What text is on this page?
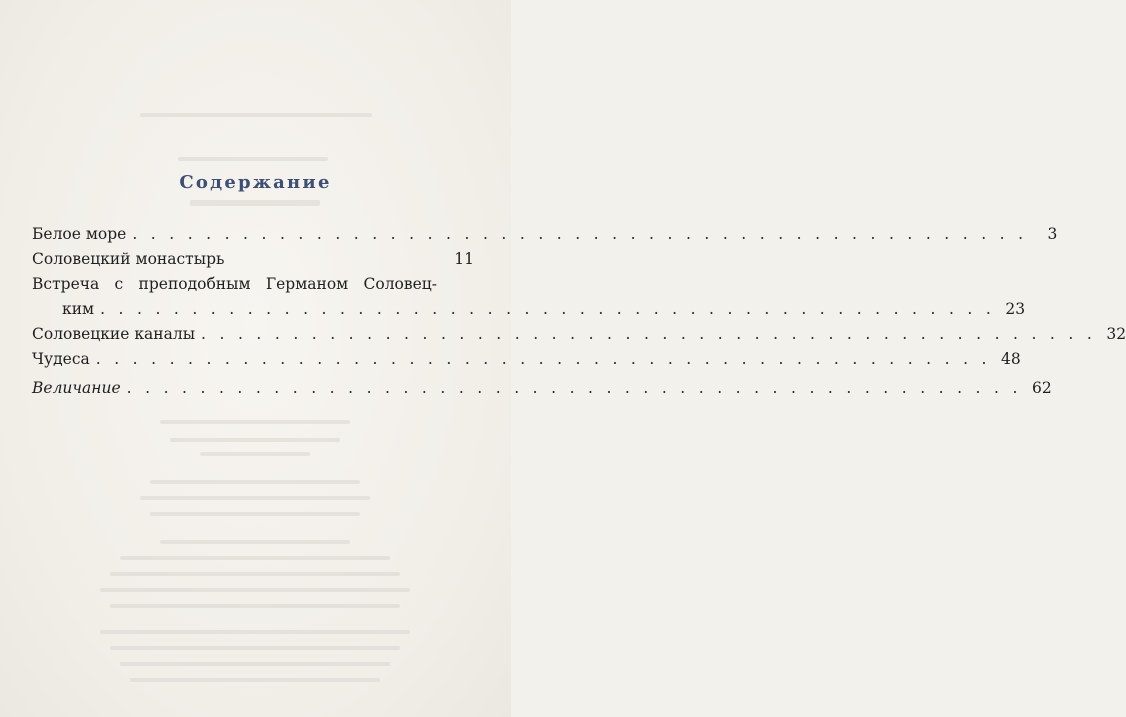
Содержание
Белое море . . . . . . . . . . . . . . . . . . . . . . . . . . . . . . . . . . . . . . . . . . . . . . . . .	3
Соловецкий монастырь	11
Встреча с преподобным Германом Соловец-
ким . . . . . . . . . . . . . . . . . . . . . . . . . . . . . . . . . . . . . . . . . . . . . . . . . 23
Соловецкие каналы . . . . . . . . . . . . . . . . . . . . . . . . . . . . . . . . . . . . . . . . . . . . . . . . . 32
Чудеса . . . . . . . . . . . . . . . . . . . . . . . . . . . . . . . . . . . . . . . . . . . . . . . . . 48
Величание . . . . . . . . . . . . . . . . . . . . . . . . . . . . . . . . . . . . . . . . . . . . . . . . . 62
